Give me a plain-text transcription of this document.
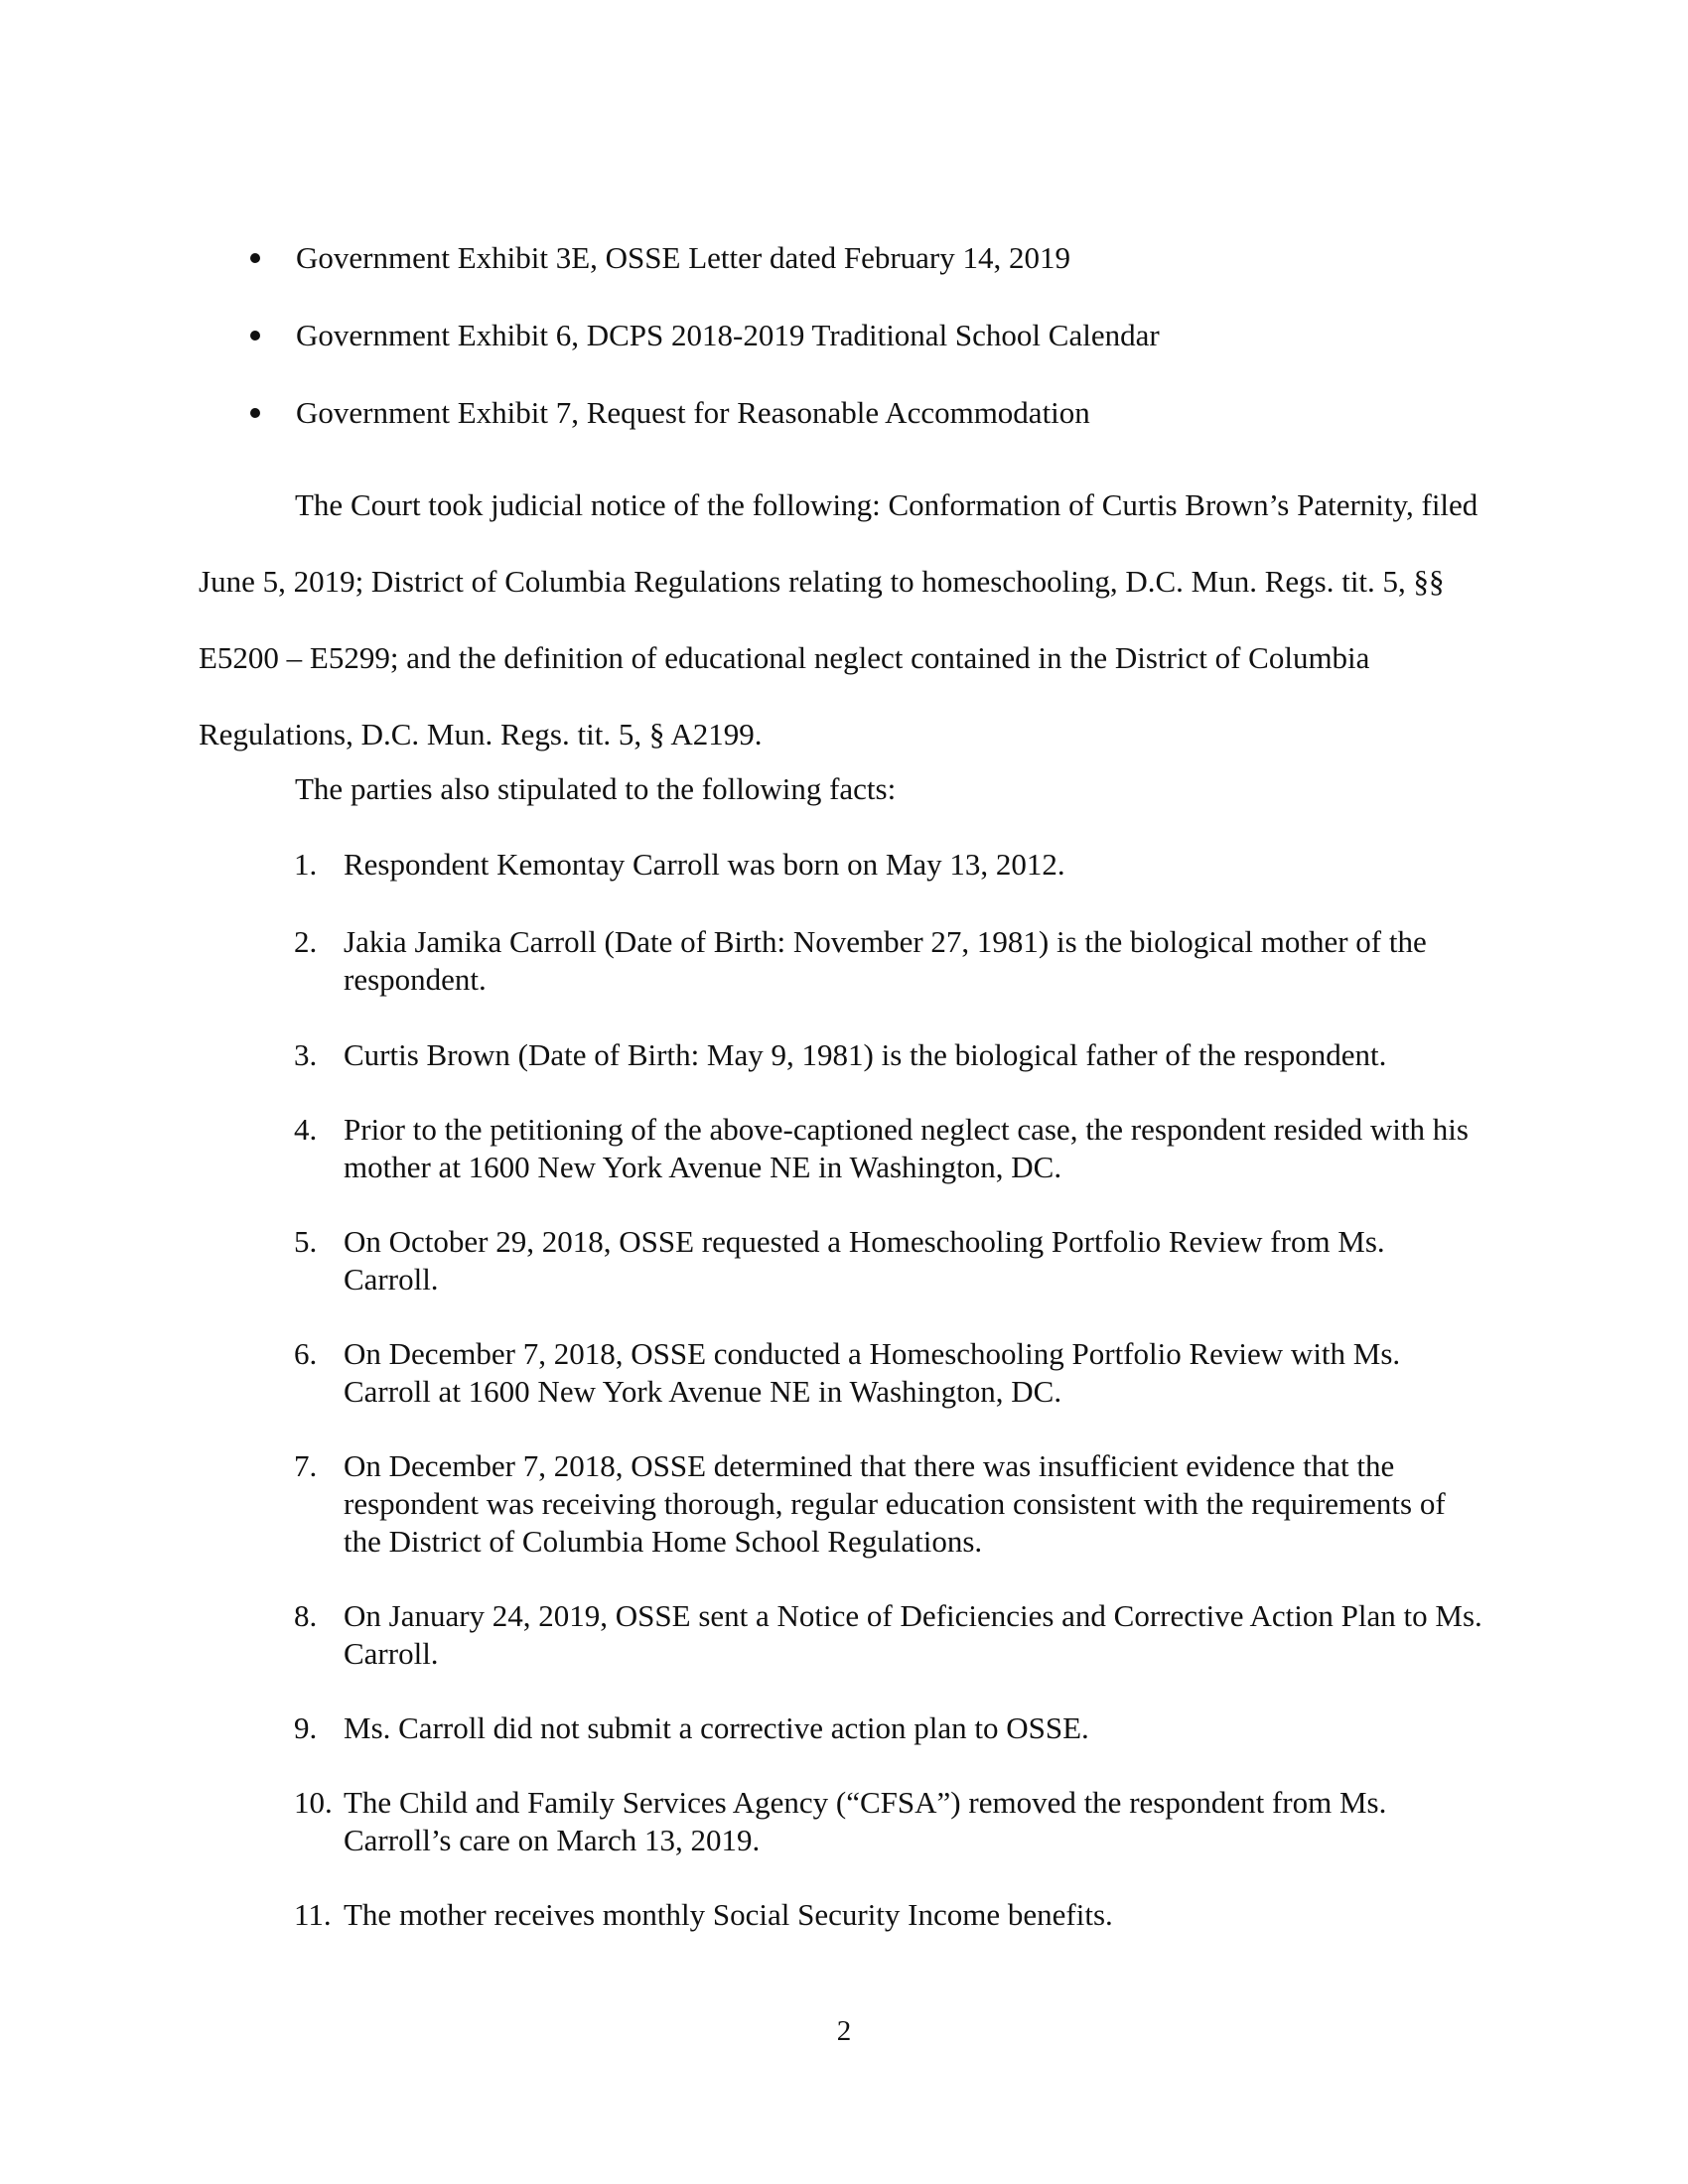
Government Exhibit 3E, OSSE Letter dated February 14, 2019
Government Exhibit 6, DCPS 2018-2019 Traditional School Calendar
Government Exhibit 7, Request for Reasonable Accommodation

The Court took judicial notice of the following: Conformation of Curtis Brown’s Paternity, filed June 5, 2019; District of Columbia Regulations relating to homeschooling, D.C. Mun. Regs. tit. 5, §§ E5200 – E5299; and the definition of educational neglect contained in the District of Columbia Regulations, D.C. Mun. Regs. tit. 5, § A2199.

The parties also stipulated to the following facts:

1. Respondent Kemontay Carroll was born on May 13, 2012.
2. Jakia Jamika Carroll (Date of Birth: November 27, 1981) is the biological mother of the respondent.
3. Curtis Brown (Date of Birth: May 9, 1981) is the biological father of the respondent.
4. Prior to the petitioning of the above-captioned neglect case, the respondent resided with his mother at 1600 New York Avenue NE in Washington, DC.
5. On October 29, 2018, OSSE requested a Homeschooling Portfolio Review from Ms. Carroll.
6. On December 7, 2018, OSSE conducted a Homeschooling Portfolio Review with Ms. Carroll at 1600 New York Avenue NE in Washington, DC.
7. On December 7, 2018, OSSE determined that there was insufficient evidence that the respondent was receiving thorough, regular education consistent with the requirements of the District of Columbia Home School Regulations.
8. On January 24, 2019, OSSE sent a Notice of Deficiencies and Corrective Action Plan to Ms. Carroll.
9. Ms. Carroll did not submit a corrective action plan to OSSE.
10. The Child and Family Services Agency (“CFSA”) removed the respondent from Ms. Carroll’s care on March 13, 2019.
11. The mother receives monthly Social Security Income benefits.
2
